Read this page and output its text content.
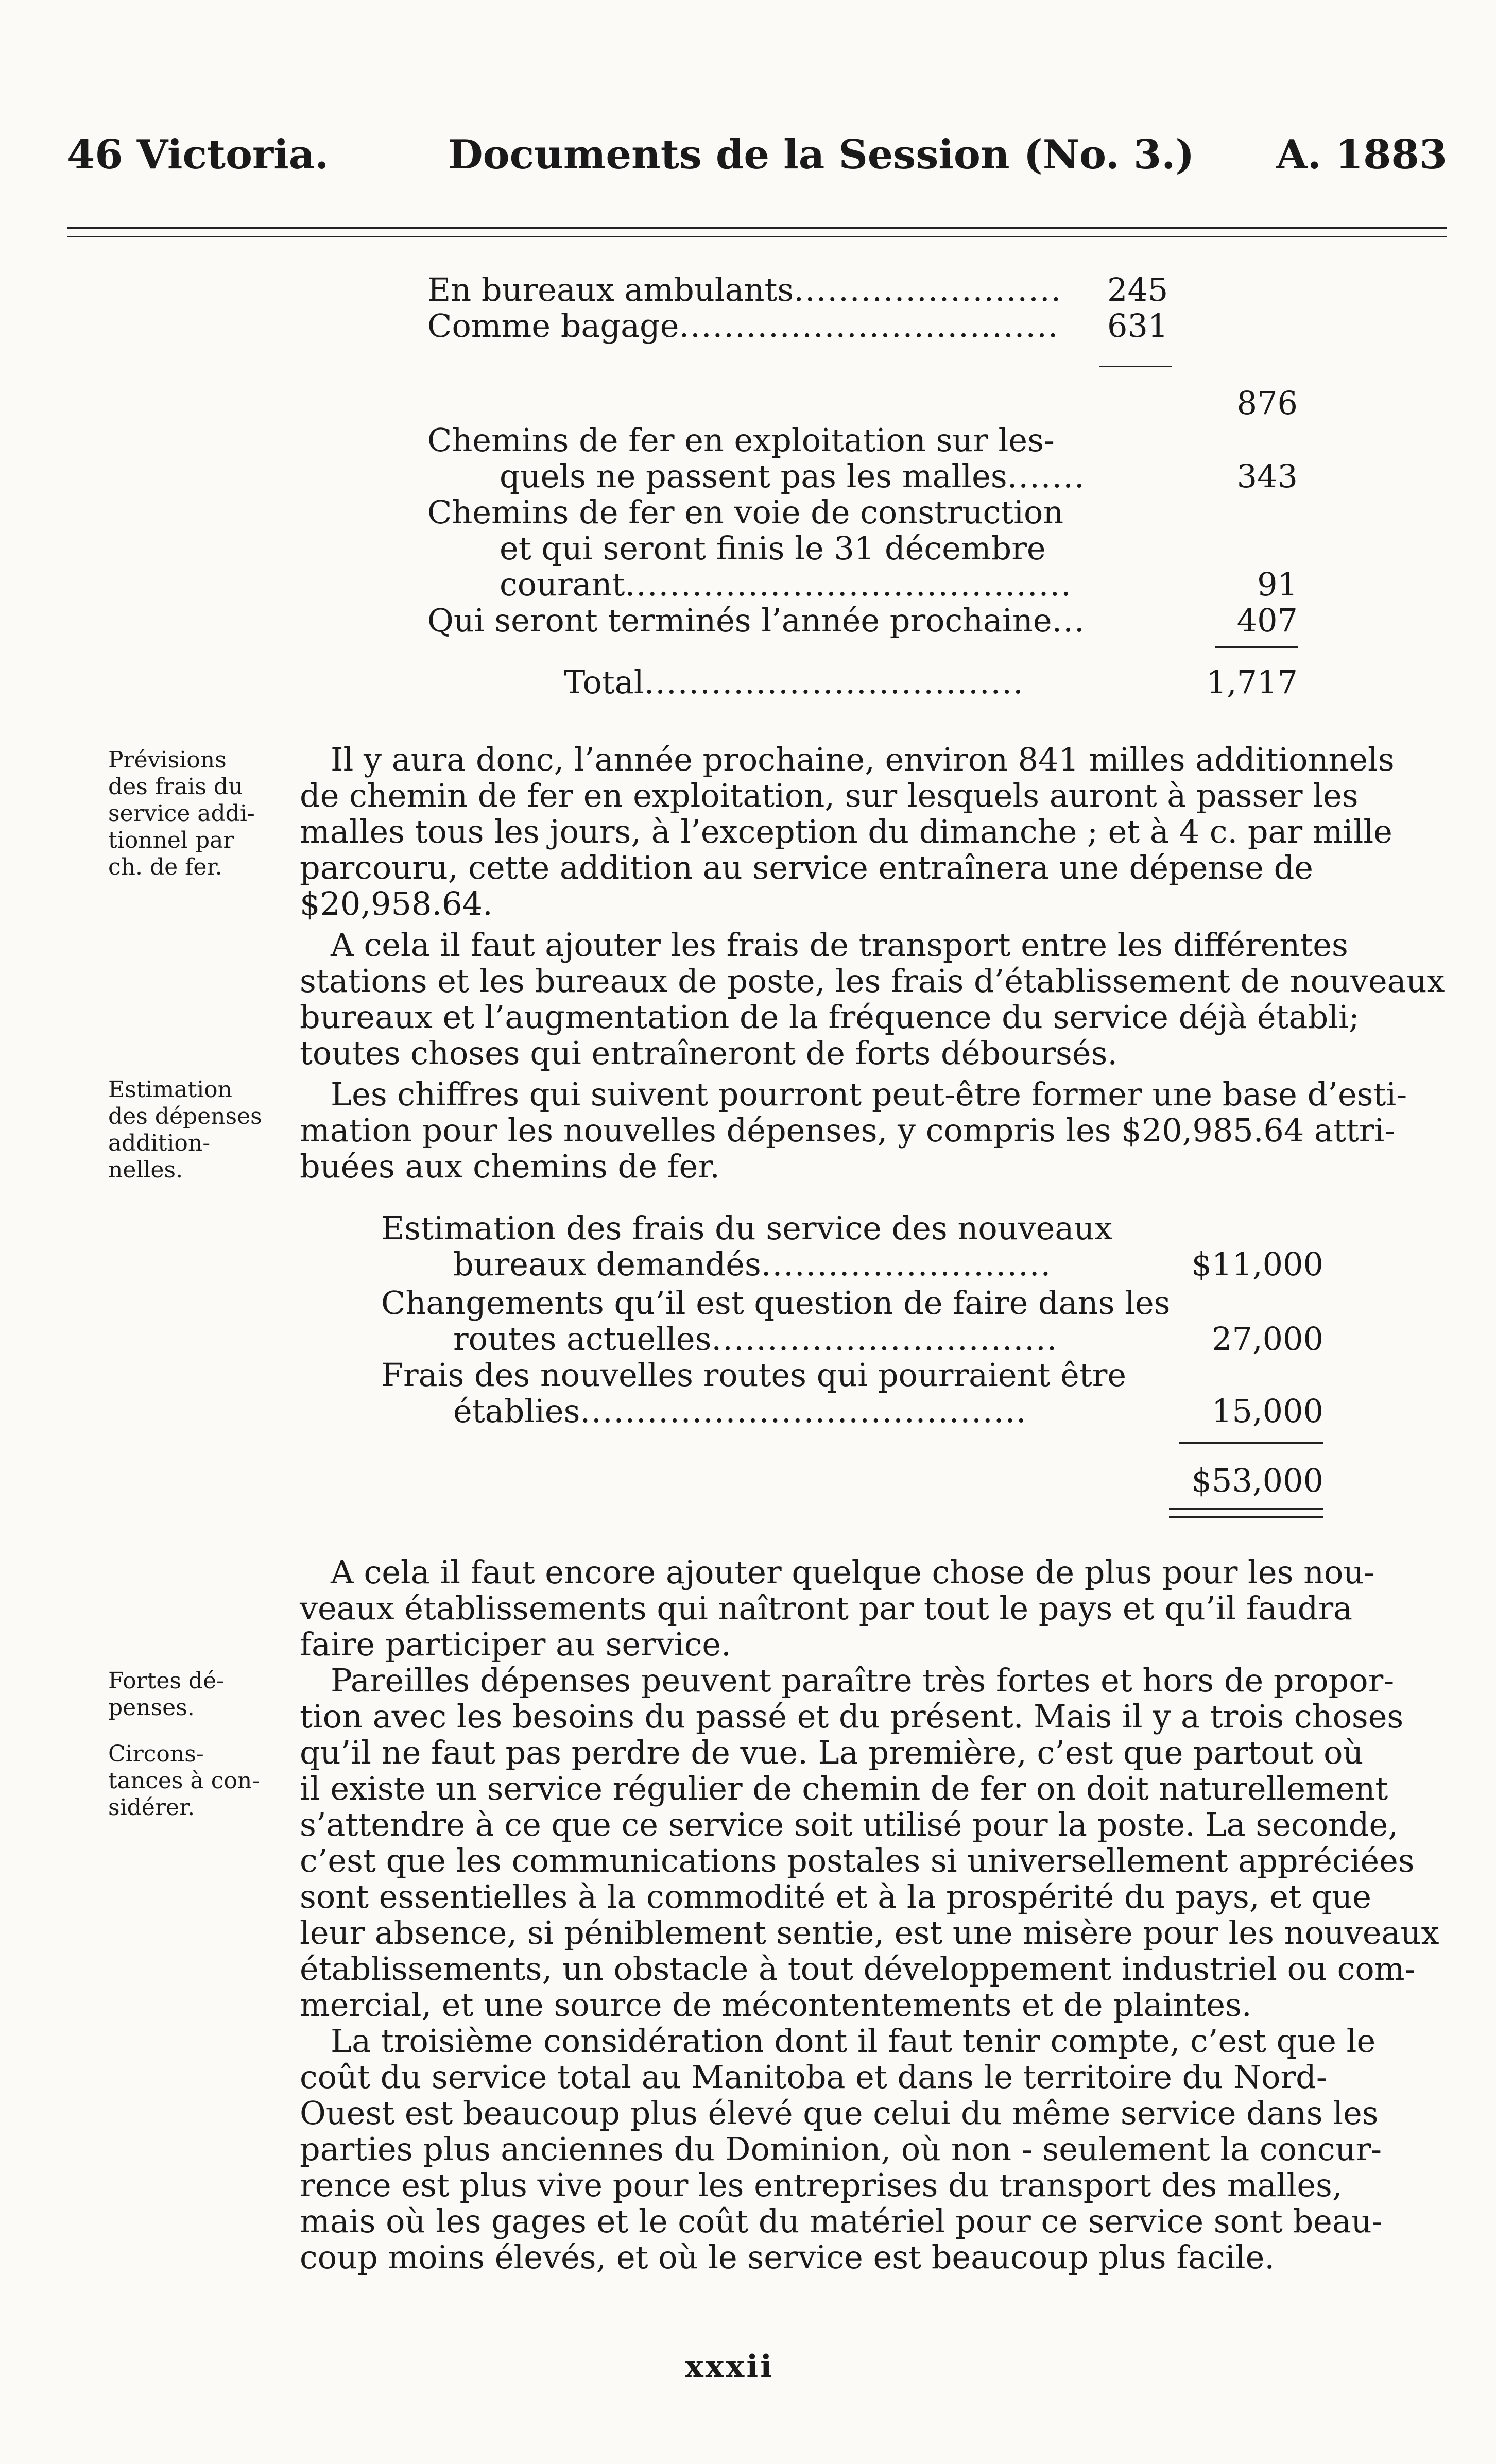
46 Victoria.	Documents de la Session (No. 3.) A. 1883
En bureaux ambulants........................ 245
Comme bagage.................................. 631
876
Chemins de fer en exploitation sur les-
quels ne passent pas les malles.......	343
Chemins de fer en voie de construction
et qui seront finis le 31 décembre
courant........................................	91
Qui seront terminés l’année prochaine...	407
Total..................................	1,717
Prévisions
des frais du
service addi-
tionnel par
ch. de fer.
Estimation
des dépenses
addition-
nelles.
Fortes dé-
penses.
Circons-
tances à con-
sidérer.
Il y aura donc, l’année prochaine, environ 841 milles additionnels
de chemin de fer en exploitation, sur lesquels auront à passer les
malles tous les jours, à l’exception du dimanche ; et à 4 c. par mille
parcouru, cette addition au service entraînera une dépense de
$20,958.64.
A cela il faut ajouter les frais de transport entre les différentes
stations et les bureaux de poste, les frais d’établissement de nouveaux
bureaux et l’augmentation de la fréquence du service déjà établi;
toutes choses qui entraîneront de forts déboursés.
Les chiffres qui suivent pourront peut-être former une base d’esti-
mation pour les nouvelles dépenses, y compris les $20,985.64 attri-
buées aux chemins de fer.
Estimation des frais du service des nouveaux
bureaux demandés..........................	$11,000
Changements qu’il est question de faire dans les
routes actuelles...............................	27,000
Frais des nouvelles routes qui pourraient être
établies........................................	15,000
$53,000
A cela il faut encore ajouter quelque chose de plus pour les nou-
veaux établissements qui naîtront par tout le pays et qu’il faudra
faire participer au service.
Pareilles dépenses peuvent paraître très fortes et hors de propor-
tion avec les besoins du passé et du présent. Mais il y a trois choses
qu’il ne faut pas perdre de vue. La première, c’est que partout où
il existe un service régulier de chemin de fer on doit naturellement
s’attendre à ce que ce service soit utilisé pour la poste. La seconde,
c’est que les communications postales si universellement appréciées
sont essentielles à la commodité et à la prospérité du pays, et que
leur absence, si péniblement sentie, est une misère pour les nouveaux
établissements, un obstacle à tout développement industriel ou com-
mercial, et une source de mécontentements et de plaintes.
La troisième considération dont il faut tenir compte, c’est que le
coût du service total au Manitoba et dans le territoire du Nord-
Ouest est beaucoup plus élevé que celui du même service dans les
parties plus anciennes du Dominion, où non - seulement la concur-
rence est plus vive pour les entreprises du transport des malles,
mais où les gages et le coût du matériel pour ce service sont beau-
coup moins élevés, et où le service est beaucoup plus facile.
xxxii
